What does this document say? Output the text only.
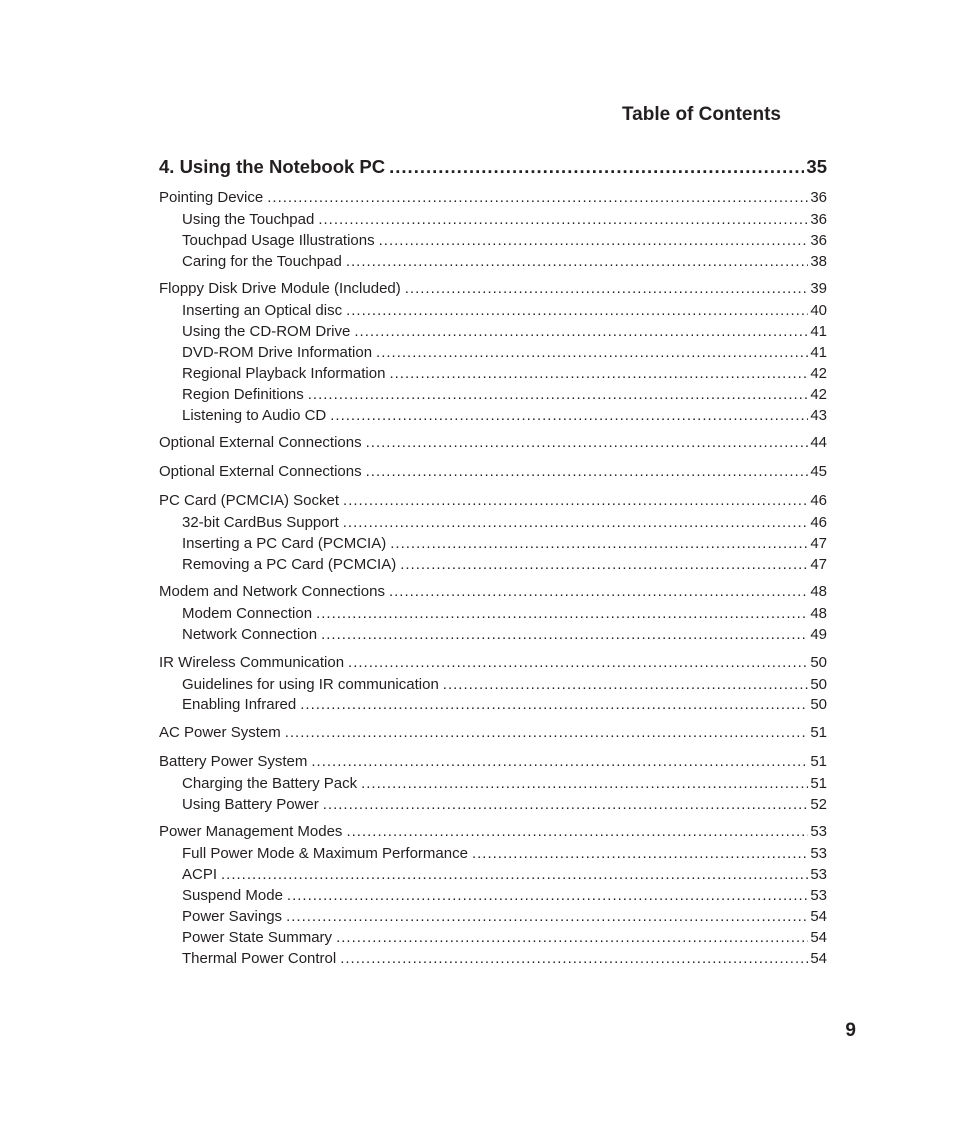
Table of Contents
4. Using the Notebook PC .....	35
Pointing Device .....	36
Using the Touchpad .....	36
Touchpad Usage Illustrations .....	36
Caring for the Touchpad .....	38
Floppy Disk Drive Module (Included) .....	39
Inserting an Optical disc .....	40
Using the CD-ROM Drive .....	41
DVD-ROM Drive Information .....	41
Regional Playback Information .....	42
Region Definitions .....	42
Listening to Audio CD .....	43
Optional External Connections .....	44
Optional External Connections .....	45
PC Card (PCMCIA) Socket .....	46
32-bit CardBus Support .....	46
Inserting a PC Card (PCMCIA) .....	47
Removing a PC Card (PCMCIA) .....	47
Modem and Network Connections .....	48
Modem Connection .....	48
Network Connection .....	49
IR Wireless Communication .....	50
Guidelines for using IR communication .....	50
Enabling Infrared .....	50
AC Power System .....	51
Battery Power System .....	51
Charging the Battery Pack .....	51
Using Battery Power .....	52
Power Management Modes .....	53
Full Power Mode & Maximum Performance .....	53
ACPI .....	53
Suspend Mode .....	53
Power Savings .....	54
Power State Summary .....	54
Thermal Power Control .....	54

9
